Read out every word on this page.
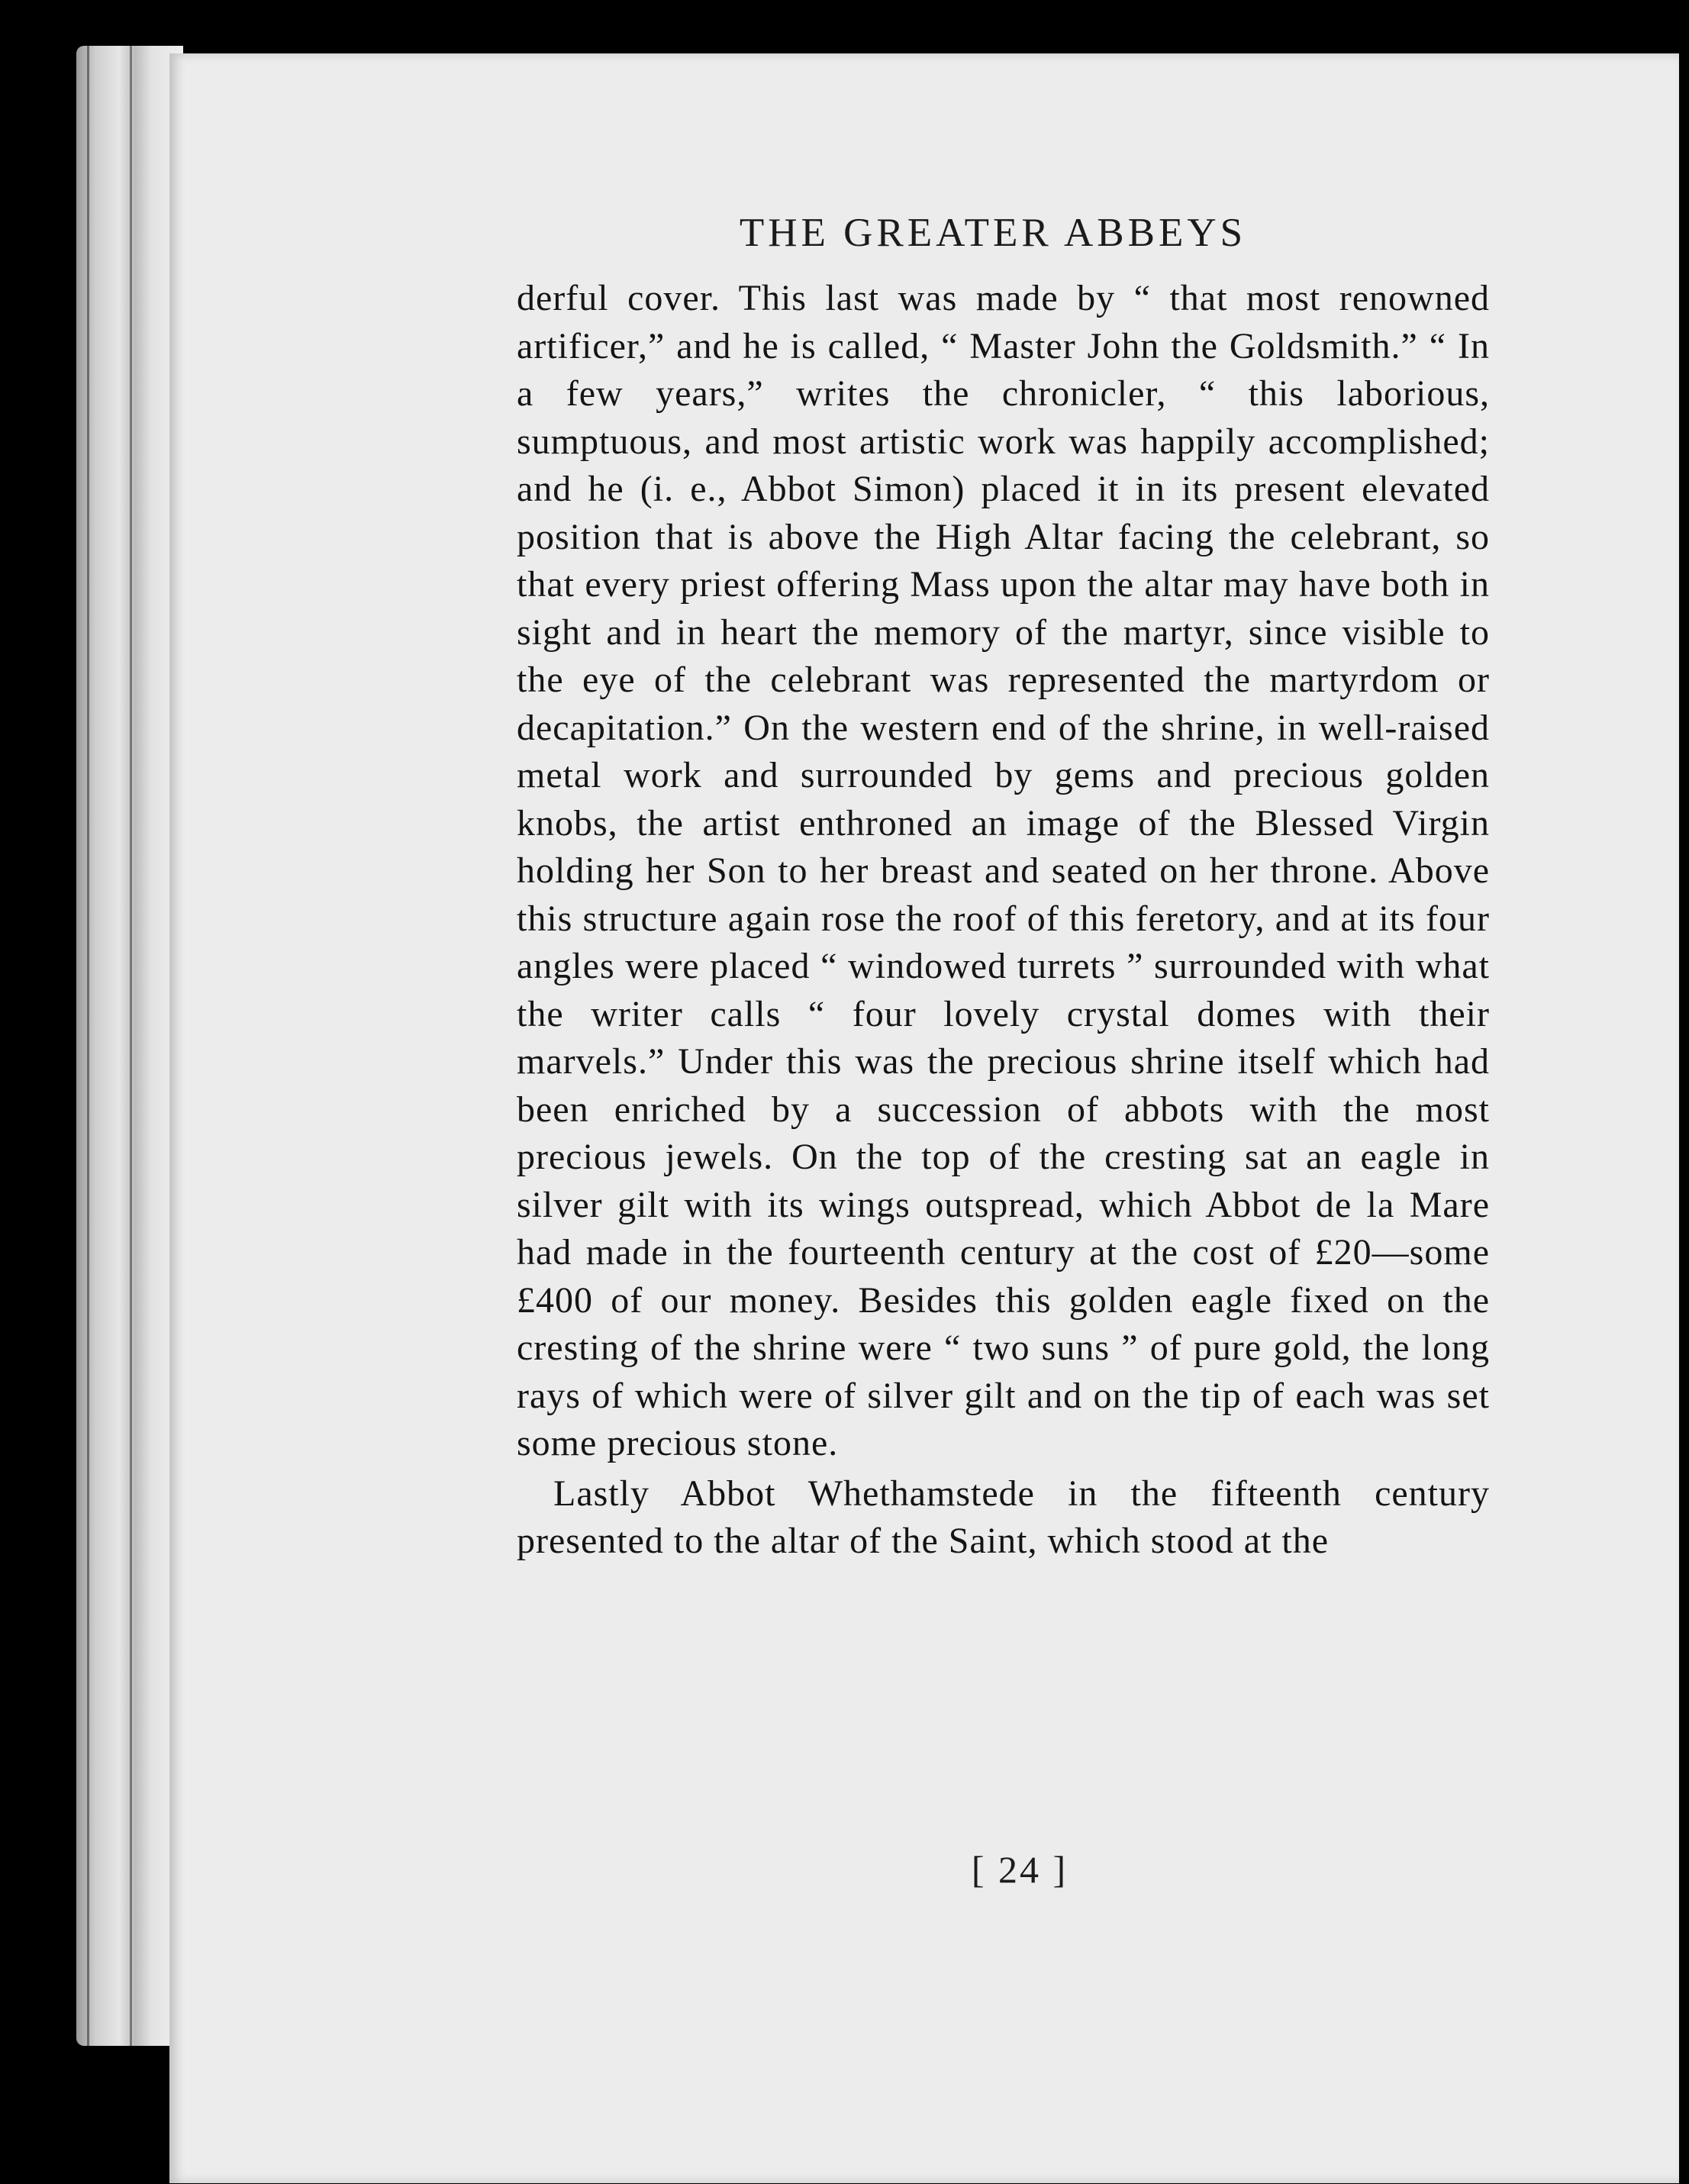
THE GREATER ABBEYS

derful cover. This last was made by “ that most renowned artificer,” and he is called, “ Master John the Goldsmith.” “ In a few years,” writes the chronicler, “ this laborious, sumptuous, and most artistic work was happily accomplished; and he (i. e., Abbot Simon) placed it in its present elevated position that is above the High Altar facing the celebrant, so that every priest offering Mass upon the altar may have both in sight and in heart the memory of the martyr, since visible to the eye of the celebrant was represented the martyrdom or decapitation.” On the western end of the shrine, in well-raised metal work and surrounded by gems and precious golden knobs, the artist enthroned an image of the Blessed Virgin holding her Son to her breast and seated on her throne. Above this structure again rose the roof of this feretory, and at its four angles were placed “ windowed turrets ” surrounded with what the writer calls “ four lovely crystal domes with their marvels.” Under this was the precious shrine itself which had been enriched by a succession of abbots with the most precious jewels. On the top of the cresting sat an eagle in silver gilt with its wings outspread, which Abbot de la Mare had made in the fourteenth century at the cost of £20—some £400 of our money. Besides this golden eagle fixed on the cresting of the shrine were “ two suns ” of pure gold, the long rays of which were of silver gilt and on the tip of each was set some precious stone.

Lastly Abbot Whethamstede in the fifteenth century presented to the altar of the Saint, which stood at the

[ 24 ]
